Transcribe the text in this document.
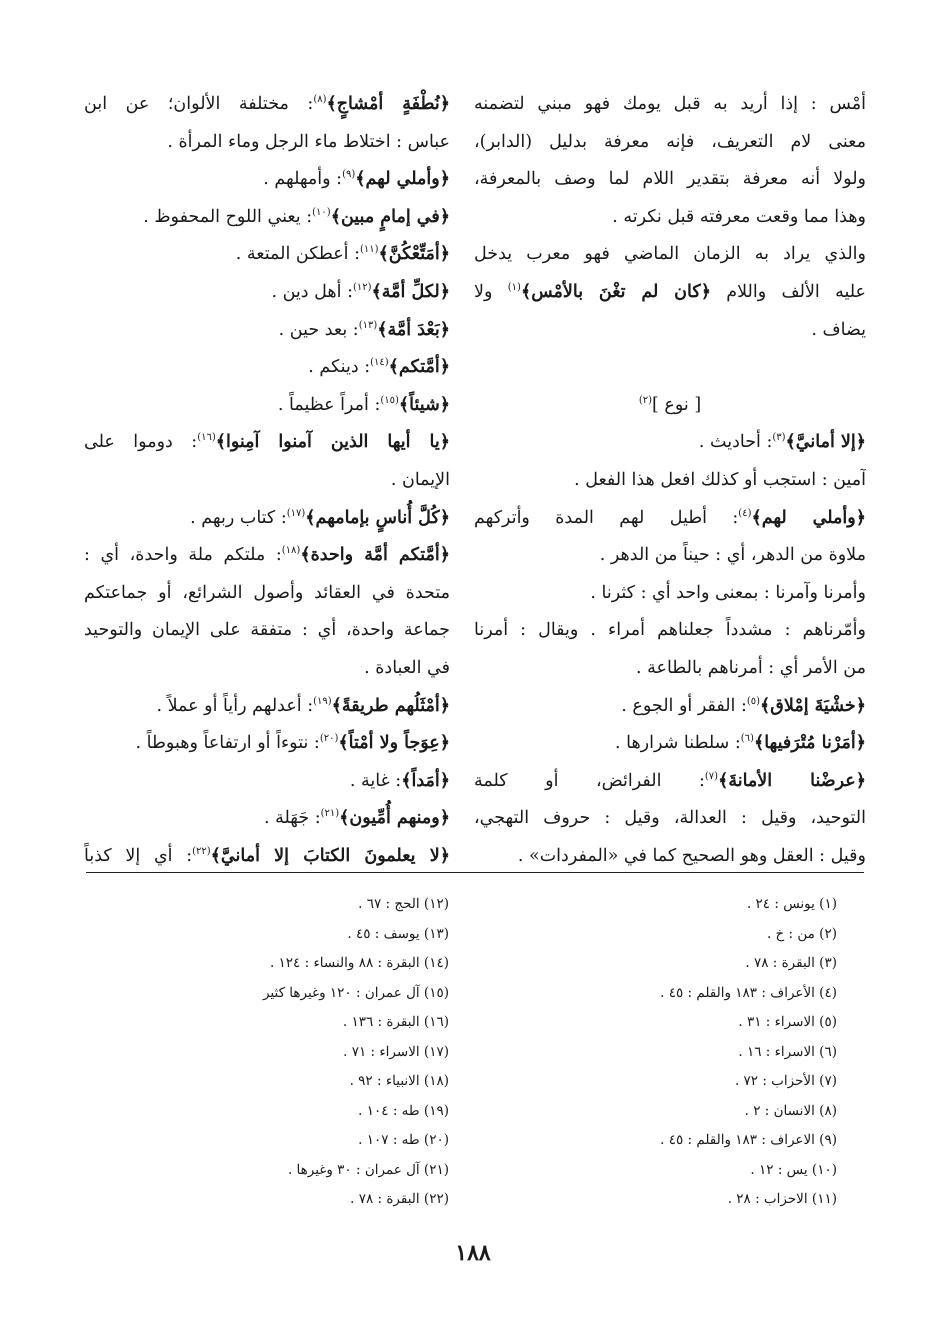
أمْس : إذا أريد به قبل يومك فهو مبني لتضمنه
معنى لام التعريف، فإنه معرفة بدليل (الدابر)،
ولولا أنه معرفة بتقدير اللام لما وصف بالمعرفة،
وهذا مما وقعت معرفته قبل نكرته .
والذي يراد به الزمان الماضي فهو معرب يدخل
عليه الألف واللام ﴿كان لم تغْنَ بالأمْس﴾$^{(١)}$ ولا
يضاف .
[ نوع ]$^{(٢)}$
﴿إلا أمانيَّ﴾$^{(٣)}$: أحاديث .
آمين : استجب أو كذلك افعل هذا الفعل .
﴿وأملي لهم﴾$^{(٤)}$: أطيل لهم المدة وأتركهم
ملاوة من الدهر، أي : حيناً من الدهر .
وأمرنا وآمرنا : بمعنى واحد أي : كثرنا .
وأمّرناهم : مشدداً جعلناهم أمراء . ويقال : أمرنا
من الأمر أي : أمرناهم بالطاعة .
﴿خشْيَةَ إمْلاق﴾$^{(٥)}$: الفقر أو الجوع .
﴿أمَرْنا مُتْرَفيها﴾$^{(٦)}$: سلطنا شرارها .
﴿عرضْنا الأمانةَ﴾$^{(٧)}$: الفرائض، أو كلمة
التوحيد، وقيل : العدالة، وقيل : حروف التهجي،
وقيل : العقل وهو الصحيح كما في «المفردات» .
﴿نُطْفَةٍ أمْشاجٍ﴾$^{(٨)}$: مختلفة الألوان؛ عن ابن
عباس : اختلاط ماء الرجل وماء المرأة .
﴿وأملي لهم﴾$^{(٩)}$: وأمهلهم .
﴿في إمامٍ مبين﴾$^{(١٠)}$: يعني اللوح المحفوظ .
﴿أمَتِّعْكُنَّ﴾$^{(١١)}$: أعطكن المتعة .
﴿لكلِّ أمَّة﴾$^{(١٢)}$: أهل دين .
﴿بَعْدَ أمَّة﴾$^{(١٣)}$: بعد حين .
﴿أمَّتكم﴾$^{(١٤)}$: دينكم .
﴿شيئاً﴾$^{(١٥)}$: أمراً عظيماً .
﴿يا أيها الذين آمنوا آمِنوا﴾$^{(١٦)}$: دوموا على
الإيمان .
﴿كُلَّ أُناسٍ بإمامهم﴾$^{(١٧)}$: كتاب ربهم .
﴿أمَّتكم أمَّة واحدة﴾$^{(١٨)}$: ملتكم ملة واحدة، أي :
متحدة في العقائد وأصول الشرائع، أو جماعتكم
جماعة واحدة، أي : متفقة على الإيمان والتوحيد
في العبادة .
﴿أمْثَلُهم طريقةً﴾$^{(١٩)}$: أعدلهم رأياً أو عملاً .
﴿عِوَجاً ولا أمْتاً﴾$^{(٢٠)}$: نتوءاً أو ارتفاعاً وهبوطاً .
﴿أمَداً﴾: غاية .
﴿ومنهم أُمِّيون﴾$^{(٢١)}$: جَهَلة .
﴿لا يعلمونَ الكتابَ إلا أمانيَّ﴾$^{(٢٢)}$: أي إلا كذباً
(١) يونس : ٢٤ .
(٢) من : خ .
(٣) البقرة : ٧٨ .
(٤) الأعراف : ١٨٣ والقلم : ٤٥ .
(٥) الاسراء : ٣١ .
(٦) الاسراء : ١٦ .
(٧) الأحزاب : ٧٢ .
(٨) الانسان : ٢ .
(٩) الاعراف : ١٨٣ والقلم : ٤٥ .
(١٠) يس : ١٢ .
(١١) الاحزاب : ٢٨ .
(١٢) الحج : ٦٧ .
(١٣) يوسف : ٤٥ .
(١٤) البقرة : ٨٨ والنساء : ١٢٤ .
(١٥) آل عمران : ١٢٠ وغيرها كثير
(١٦) البقرة : ١٣٦ .
(١٧) الاسراء : ٧١ .
(١٨) الانبياء : ٩٢ .
(١٩) طه : ١٠٤ .
(٢٠) طه : ١٠٧ .
(٢١) آل عمران : ٣٠ وغيرها .
(٢٢) البقرة : ٧٨ .
١٨٨
